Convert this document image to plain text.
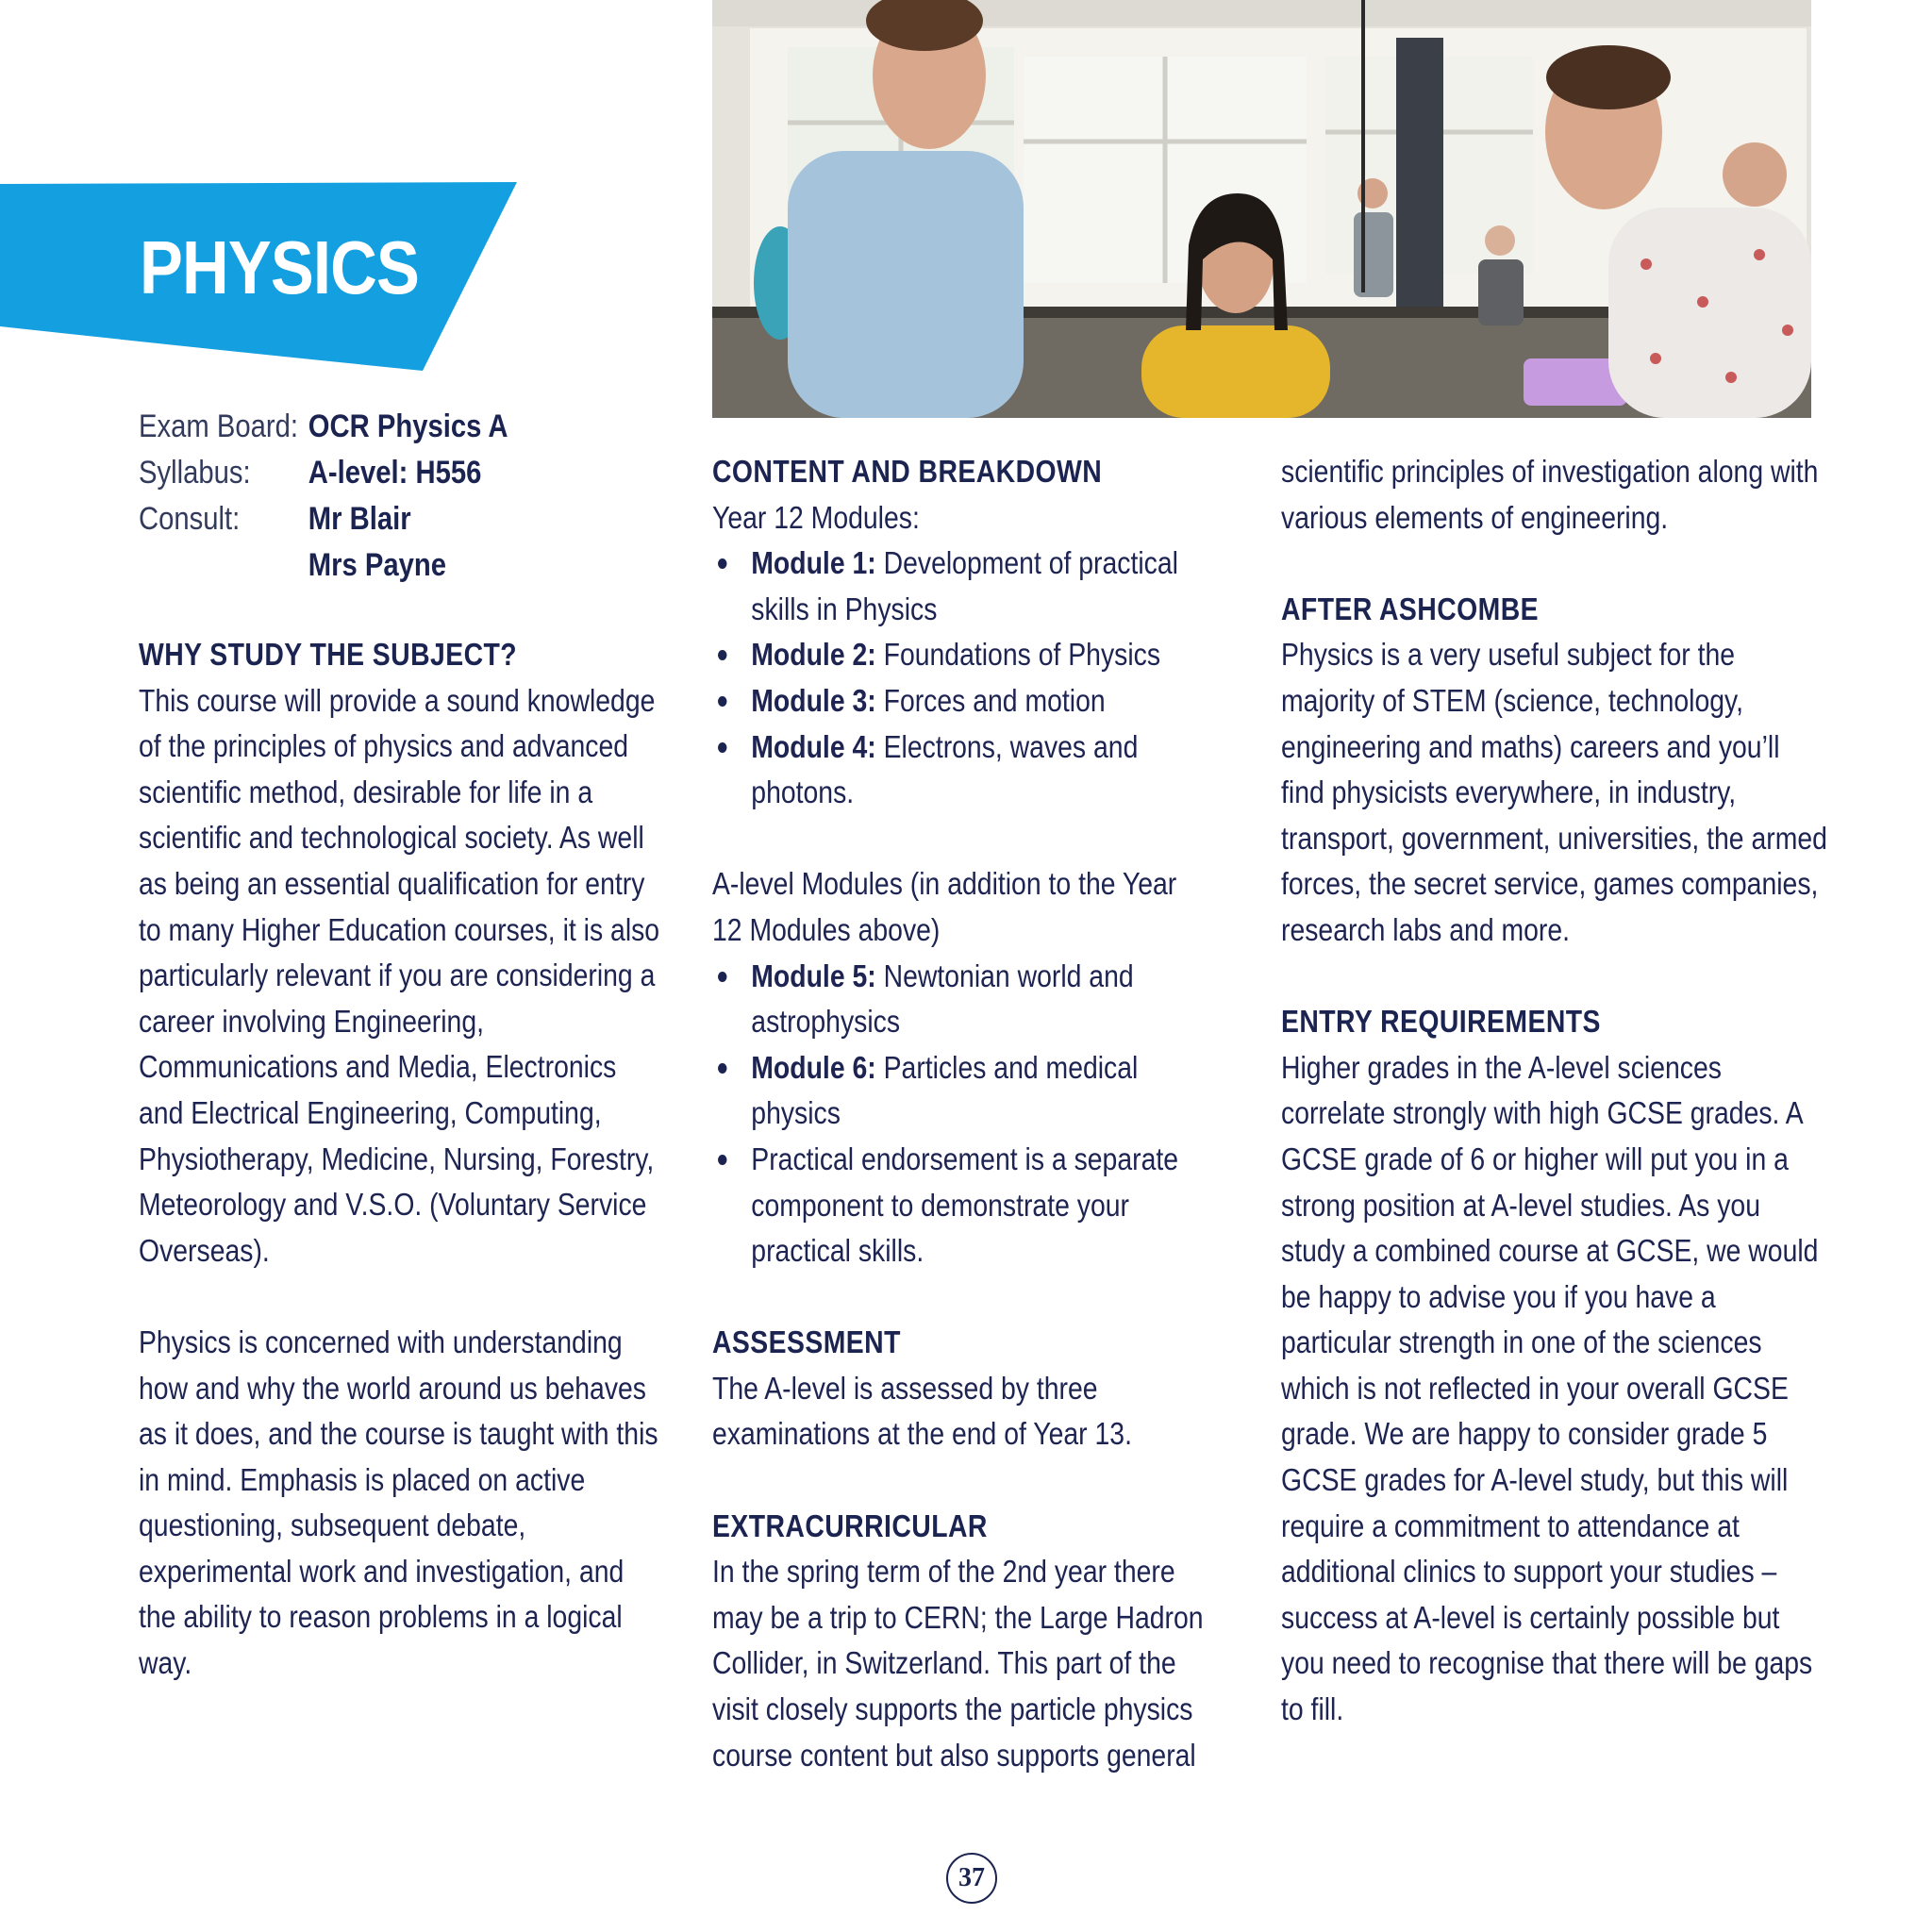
PHYSICS
Exam Board: OCR Physics A
Syllabus:	A-level: H556
Consult:	Mr Blair
Mrs Payne
WHY STUDY THE SUBJECT?

This course will provide a sound knowledge of the principles of physics and advanced scientific method, desirable for life in a scientific and technological society. As well as being an essential qualification for entry to many Higher Education courses, it is also particularly relevant if you are considering a career involving Engineering, Communications and Media, Electronics and Electrical Engineering, Computing, Physiotherapy, Medicine, Nursing, Forestry, Meteorology and V.S.O. (Voluntary Service Overseas).

Physics is concerned with understanding how and why the world around us behaves as it does, and the course is taught with this in mind. Emphasis is placed on active questioning, subsequent debate, experimental work and investigation, and the ability to reason problems in a logical way.

CONTENT AND BREAKDOWN

Year 12 Modules:

Module 1: Development of practical skills in Physics
Module 2: Foundations of Physics
Module 3: Forces and motion
Module 4: Electrons, waves and photons.

A-level Modules (in addition to the Year 12 Modules above)

Module 5: Newtonian world and astrophysics
Module 6: Particles and medical physics
Practical endorsement is a separate component to demonstrate your practical skills.
ASSESSMENT

The A-level is assessed by three examinations at the end of Year 13.

EXTRACURRICULAR

In the spring term of the 2nd year there may be a trip to CERN; the Large Hadron Collider, in Switzerland. This part of the visit closely supports the particle physics course content but also supports general

scientific principles of investigation along with various elements of engineering.

AFTER ASHCOMBE

Physics is a very useful subject for the majority of STEM (science, technology, engineering and maths) careers and you’ll find physicists everywhere, in industry, transport, government, universities, the armed forces, the secret service, games companies, research labs and more.

ENTRY REQUIREMENTS

Higher grades in the A-level sciences correlate strongly with high GCSE grades. A GCSE grade of 6 or higher will put you in a strong position at A-level studies. As you study a combined course at GCSE, we would be happy to advise you if you have a particular strength in one of the sciences which is not reflected in your overall GCSE grade. We are happy to consider grade 5 GCSE grades for A-level study, but this will require a commitment to attendance at additional clinics to support your studies – success at A-level is certainly possible but you need to recognise that there will be gaps to fill.

37
